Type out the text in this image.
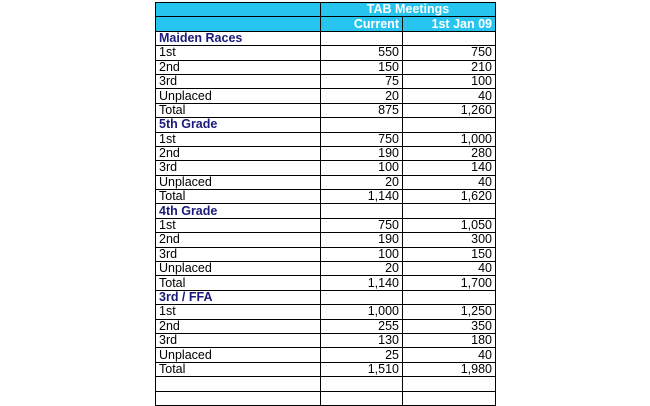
	TAB Meetings	
	Current	1st Jan 09
Maiden Races		
1st	550	750
2nd	150	210
3rd	75	100
Unplaced	20	40
Total	875	1,260
5th Grade		
1st	750	1,000
2nd	190	280
3rd	100	140
Unplaced	20	40
Total	1,140	1,620
4th Grade		
1st	750	1,050
2nd	190	300
3rd	100	150
Unplaced	20	40
Total	1,140	1,700
3rd / FFA		
1st	1,000	1,250
2nd	255	350
3rd	130	180
Unplaced	25	40
Total	1,510	1,980
